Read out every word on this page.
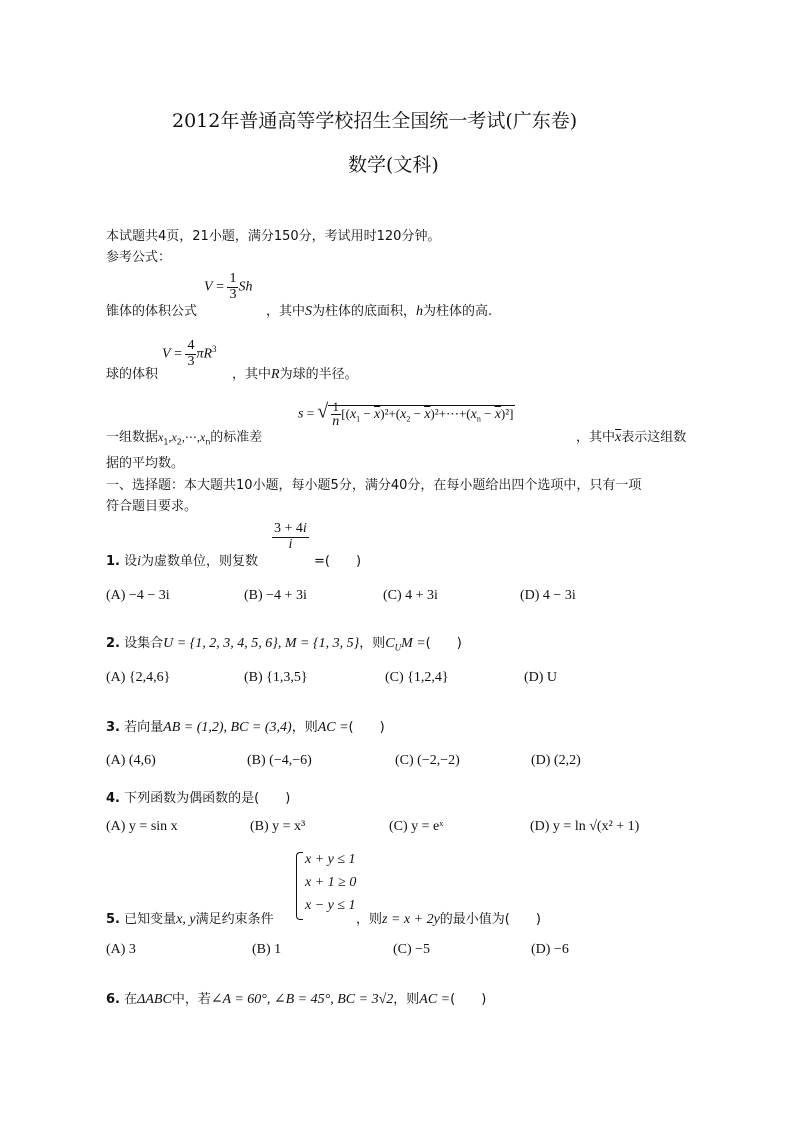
2012年普通高等学校招生全国统一考试(广东卷)
数学(文科)
本试题共4页，21小题，满分150分，考试用时120分钟。
参考公式：
锥体的体积公式
$V = \frac{1}{3}$ Sh
，其中S为柱体的底面积，h为柱体的高.
球的体积
$V = \frac{4}{3} \pi R^3$
，其中R为球的半径。
一组数据$x_1,x_2,\cdots,x_n$的标准差
s = √ $\frac{1}{n} [(x_1 - \overline{x})^2+(x_2$ − $\overline{x})^2+\cdots+(x_n - \overline{x})^2$]
，其中$\overline{x}$表示这组数
据的平均数。
一、选择题：本大题共10小题，每小题5分，满分40分，在每小题给出四个选项中，只有一项
符合题目要求。
1. 设i为虚数单位，则复数
$\frac{3 + 4i}{i}$
=(　　)
(A) −4 − 3i	(B) −4 + 3i	(C) 4 + 3i	(D) 4 − 3i
2. 设集合U = {1, 2, 3, 4, 5, 6}, M = {1, 3, 5}，则$C_UM$ =(　　)
(A) {2,4,6}	(B) {1,3,5}	(C) {1,2,4}	(D) U
3. 若向量AB = (1,2), BC = (3,4)，则AC =(　　)
(A) (4,6)	(B) (−4,−6)	(C) (−2,−2)	(D) (2,2)
4. 下列函数为偶函数的是(　　)
(A) y = sin x	(B) y = x³	(C) y = eˣ	(D) y = ln √(x² + 1)
x + y ≤ 1
x + 1 ≥ 0
x − y ≤ 1
5. 已知变量x, y满足约束条件	，则z = x + 2y的最小值为(　　)
(A) 3	(B) 1	(C) −5	(D) −6
6. 在ΔABC中，若∠A = 60°, ∠B = 45°, BC = 3√2，则AC =(　　)
